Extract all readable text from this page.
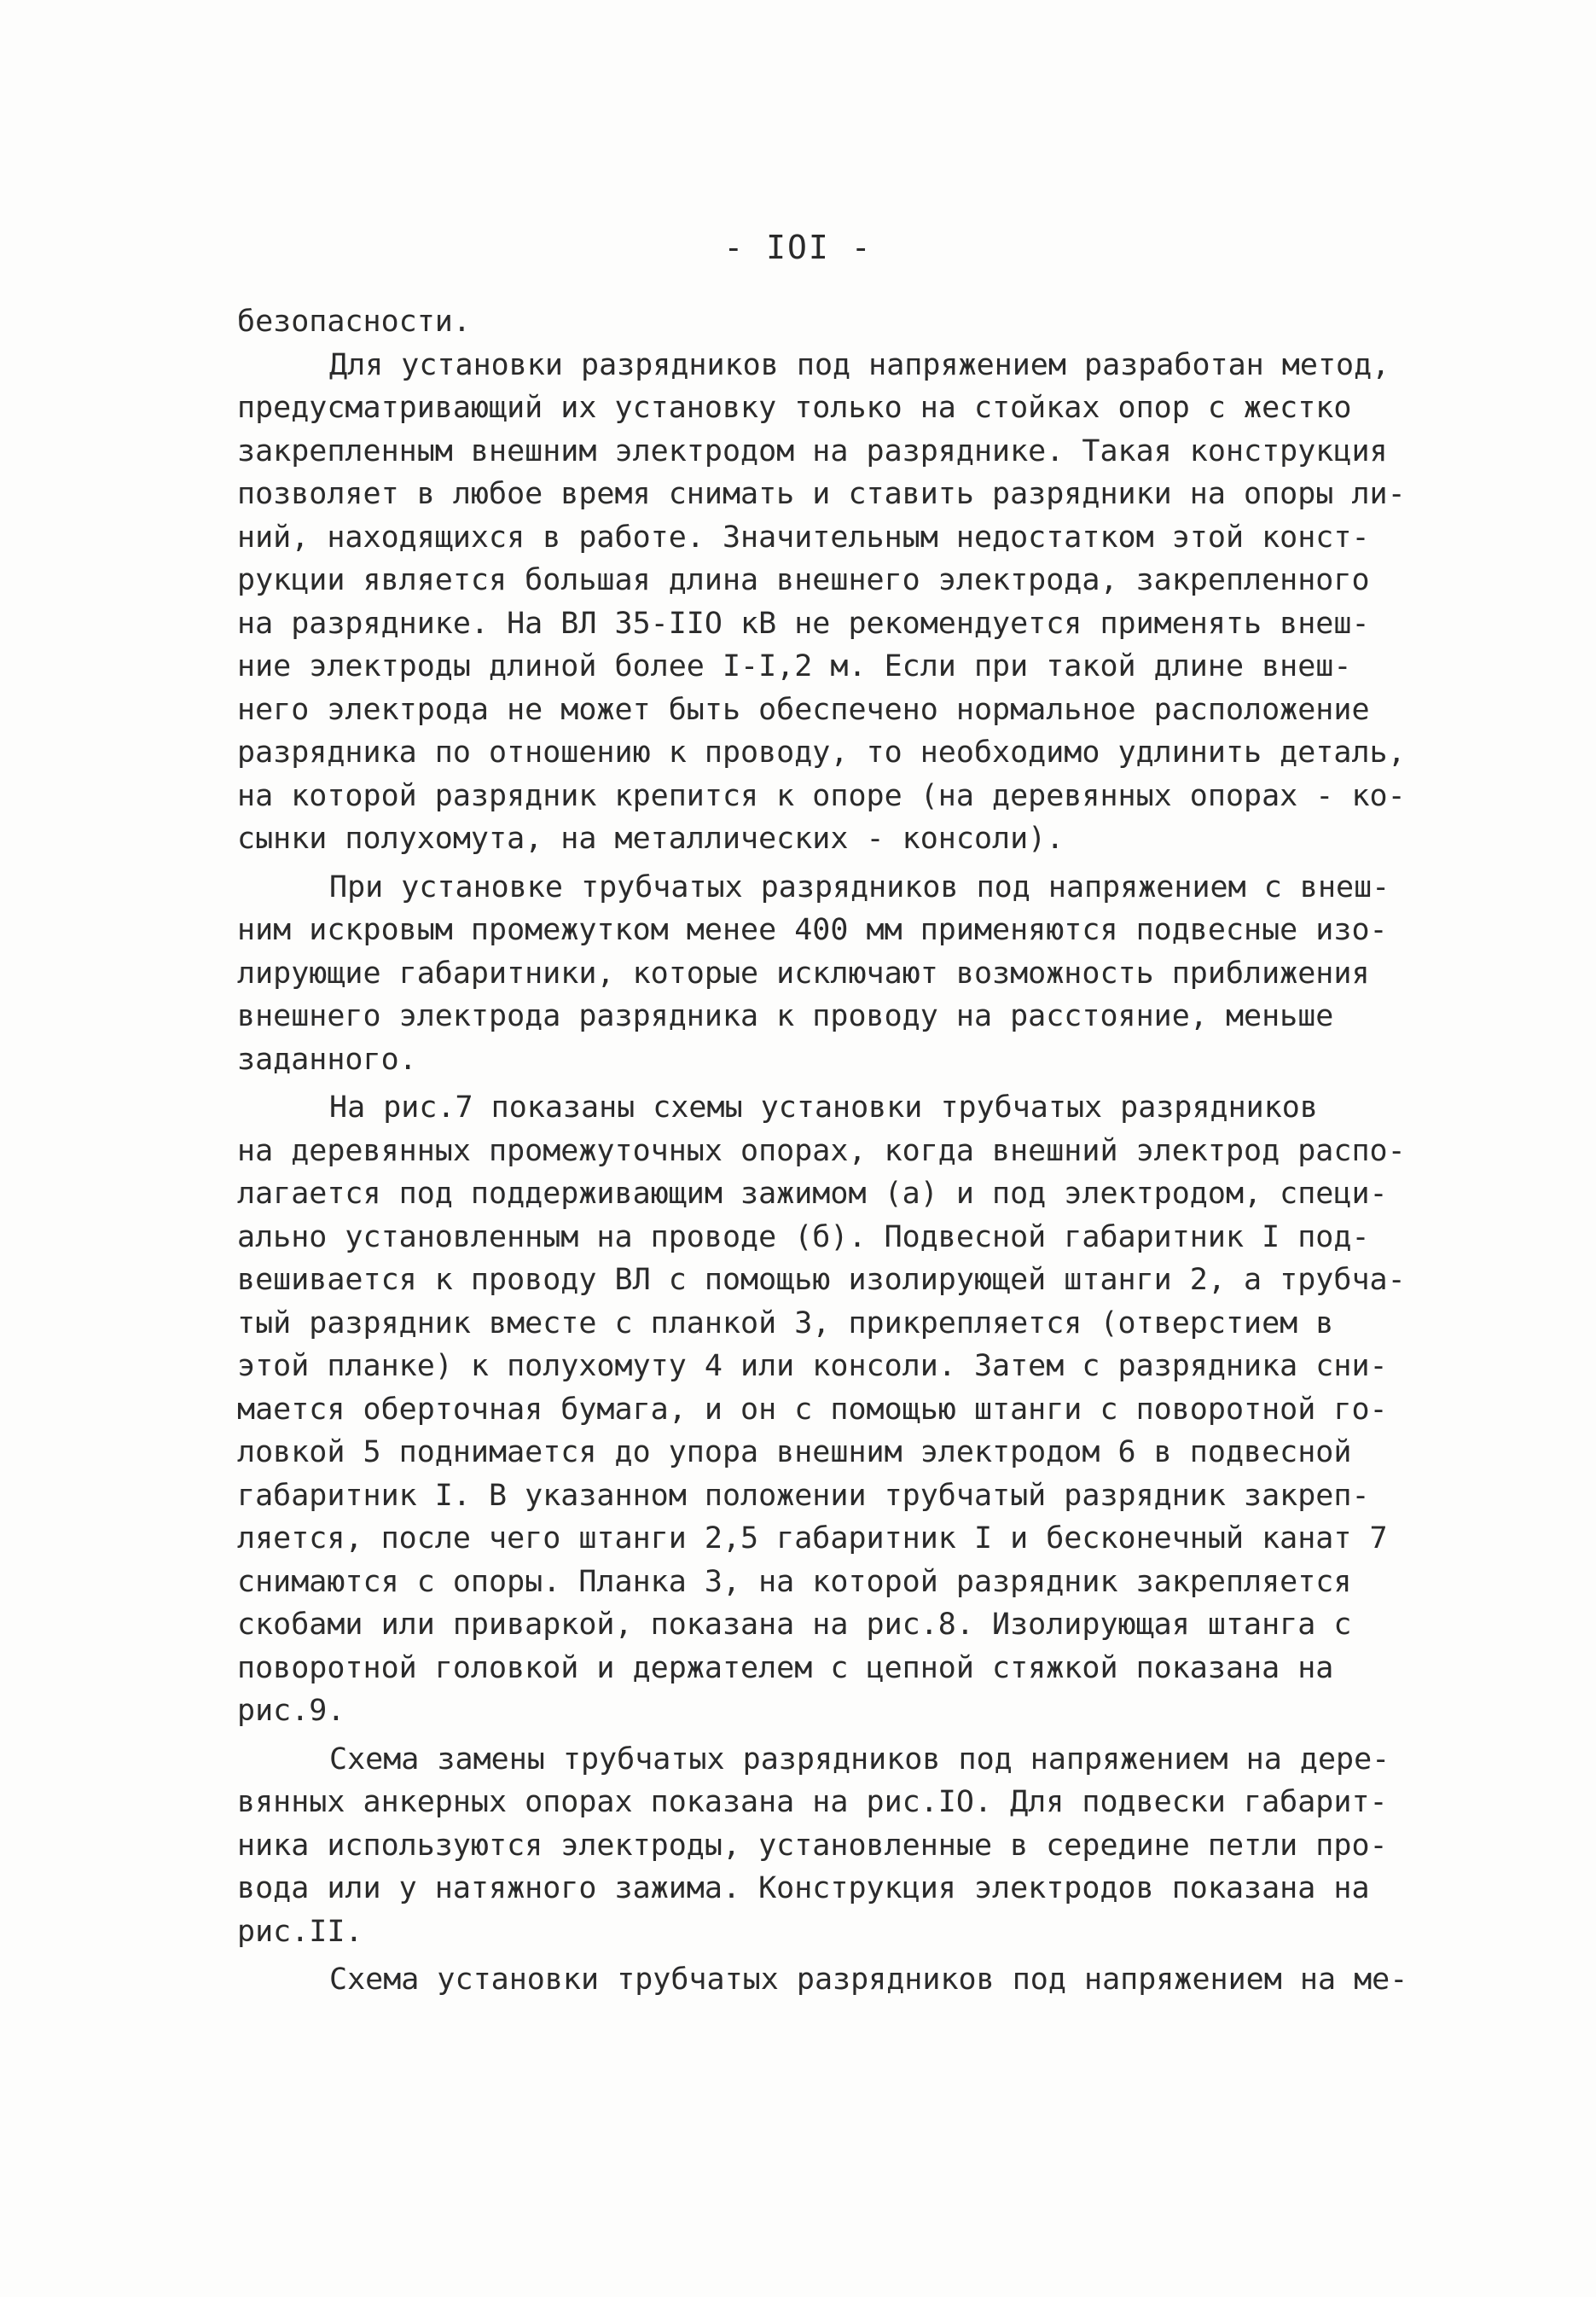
- IOI -
безопасности.
Для установки разрядников под напряжением разработан метод,
предусматривающий их установку только на стойках опор с жестко
закрепленным внешним электродом на разряднике. Такая конструкция
позволяет в любое время снимать и ставить разрядники на опоры ли-
ний, находящихся в работе. Значительным недостатком этой конст-
рукции является большая длина внешнего электрода, закрепленного
на разряднике. На ВЛ 35-IIO кВ не рекомендуется применять внеш-
ние электроды длиной более I-I,2 м. Если при такой длине внеш-
него электрода не может быть обеспечено нормальное расположение
разрядника по отношению к проводу, то необходимо удлинить деталь,
на которой разрядник крепится к опоре (на деревянных опорах - ко-
сынки полухомута, на металлических - консоли).
При установке трубчатых разрядников под напряжением с внеш-
ним искровым промежутком менее 400 мм применяются подвесные изо-
лирующие габаритники, которые исключают возможность приближения
внешнего электрода разрядника к проводу на расстояние, меньше
заданного.
На рис.7 показаны схемы установки трубчатых разрядников
на деревянных промежуточных опорах, когда внешний электрод распо-
лагается под поддерживающим зажимом (а) и под электродом, специ-
ально установленным на проводе (б). Подвесной габаритник I под-
вешивается к проводу ВЛ с помощью изолирующей штанги 2, а трубча-
тый разрядник вместе с планкой 3, прикрепляется (отверстием в
этой планке) к полухомуту 4 или консоли. Затем с разрядника сни-
мается оберточная бумага, и он с помощью штанги с поворотной го-
ловкой 5 поднимается до упора внешним электродом 6 в подвесной
габаритник I. В указанном положении трубчатый разрядник закреп-
ляется, после чего штанги 2,5 габаритник I и бесконечный канат 7
снимаются с опоры. Планка 3, на которой разрядник закрепляется
скобами или приваркой, показана на рис.8. Изолирующая штанга с
поворотной головкой и держателем с цепной стяжкой показана на
рис.9.
Схема замены трубчатых разрядников под напряжением на дере-
вянных анкерных опорах показана на рис.IO. Для подвески габарит-
ника используются электроды, установленные в середине петли про-
вода или у натяжного зажима. Конструкция электродов показана на
рис.II.
Схема установки трубчатых разрядников под напряжением на ме-
